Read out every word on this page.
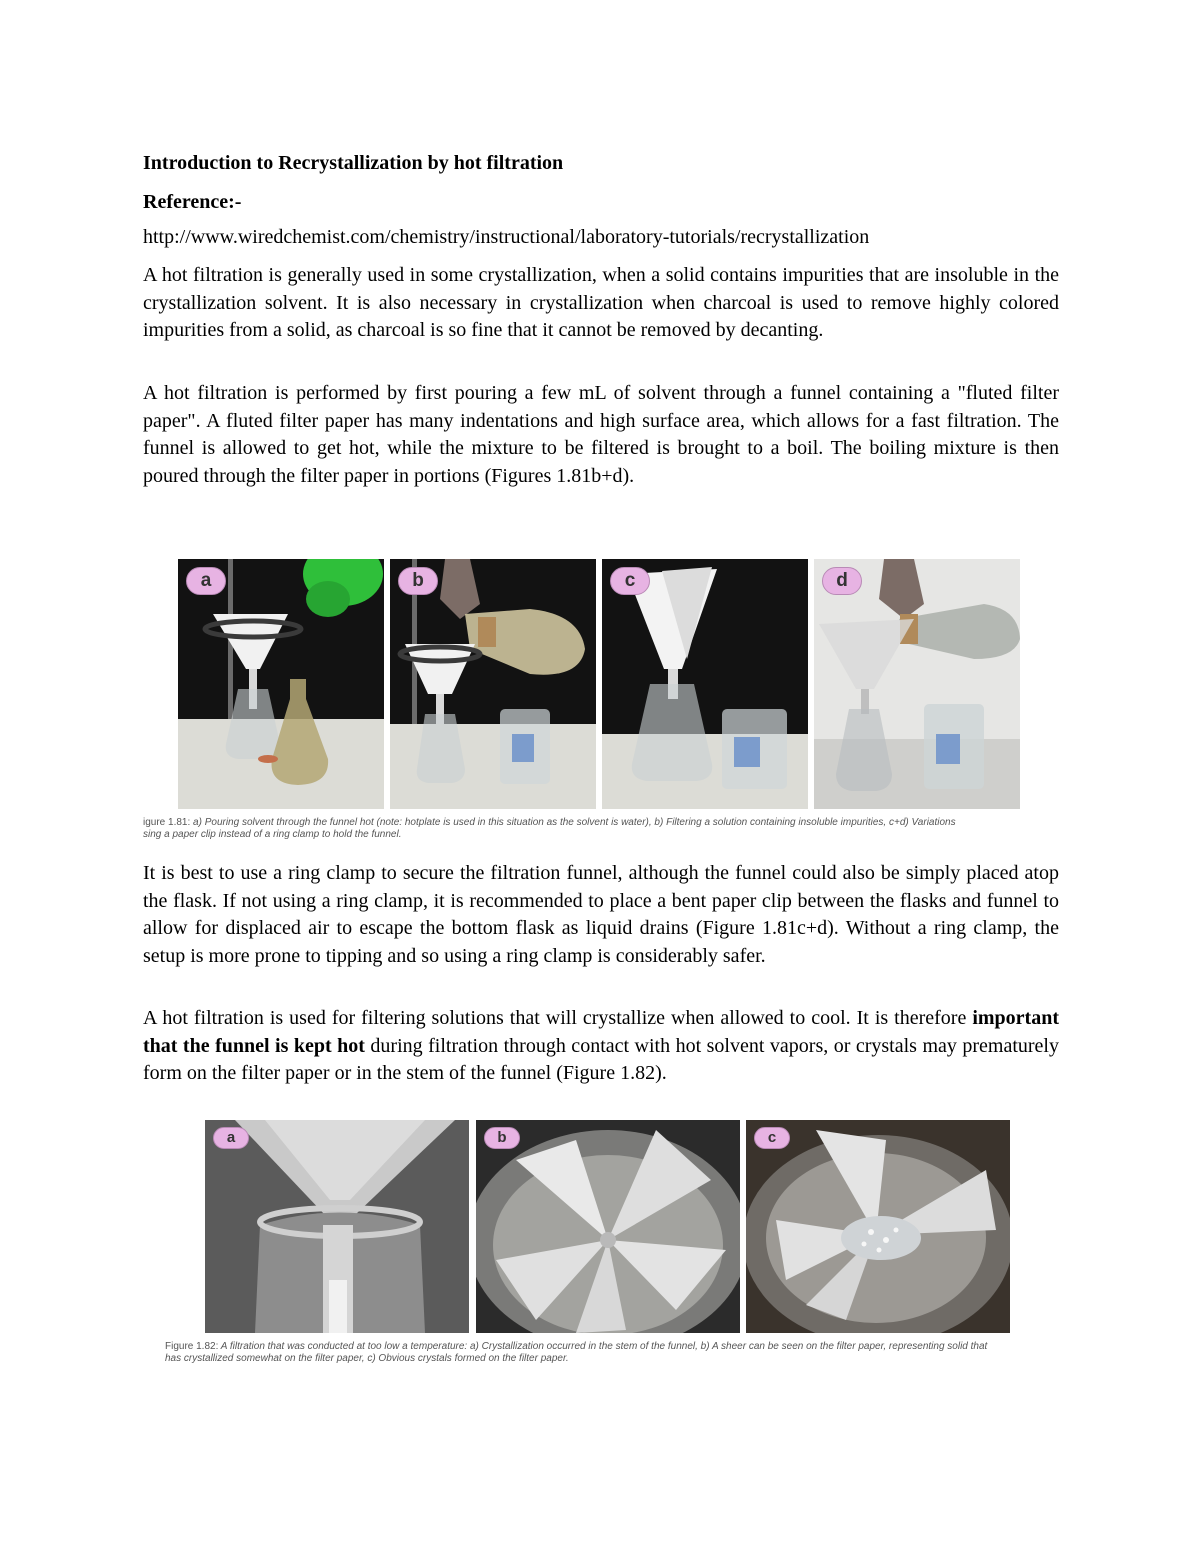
Introduction to Recrystallization by hot filtration
Reference:-
http://www.wiredchemist.com/chemistry/instructional/laboratory-tutorials/recrystallization
A hot filtration is generally used in some crystallization, when a solid contains impurities that are insoluble in the crystallization solvent. It is also necessary in crystallization when charcoal is used to remove highly colored impurities from a solid, as charcoal is so fine that it cannot be removed by decanting.
A hot filtration is performed by first pouring a few mL of solvent through a funnel containing a "fluted filter paper". A fluted filter paper has many indentations and high surface area, which allows for a fast filtration. The funnel is allowed to get hot, while the mixture to be filtered is brought to a boil. The boiling mixture is then poured through the filter paper in portions (Figures 1.81b+d).
a	b	c	d
igure 1.81: a) Pouring solvent through the funnel hot (note: hotplate is used in this situation as the solvent is water), b) Filtering a solution containing insoluble impurities, c+d) Variations
sing a paper clip instead of a ring clamp to hold the funnel.
It is best to use a ring clamp to secure the filtration funnel, although the funnel could also be simply placed atop the flask. If not using a ring clamp, it is recommended to place a bent paper clip between the flasks and funnel to allow for displaced air to escape the bottom flask as liquid drains (Figure 1.81c+d). Without a ring clamp, the setup is more prone to tipping and so using a ring clamp is considerably safer.
A hot filtration is used for filtering solutions that will crystallize when allowed to cool. It is therefore important that the funnel is kept hot during filtration through contact with hot solvent vapors, or crystals may prematurely form on the filter paper or in the stem of the funnel (Figure 1.82).
a	b	c
Figure 1.82: A filtration that was conducted at too low a temperature: a) Crystallization occurred in the stem of the funnel, b) A sheer can be seen on the filter paper, representing solid that
has crystallized somewhat on the filter paper, c) Obvious crystals formed on the filter paper.
